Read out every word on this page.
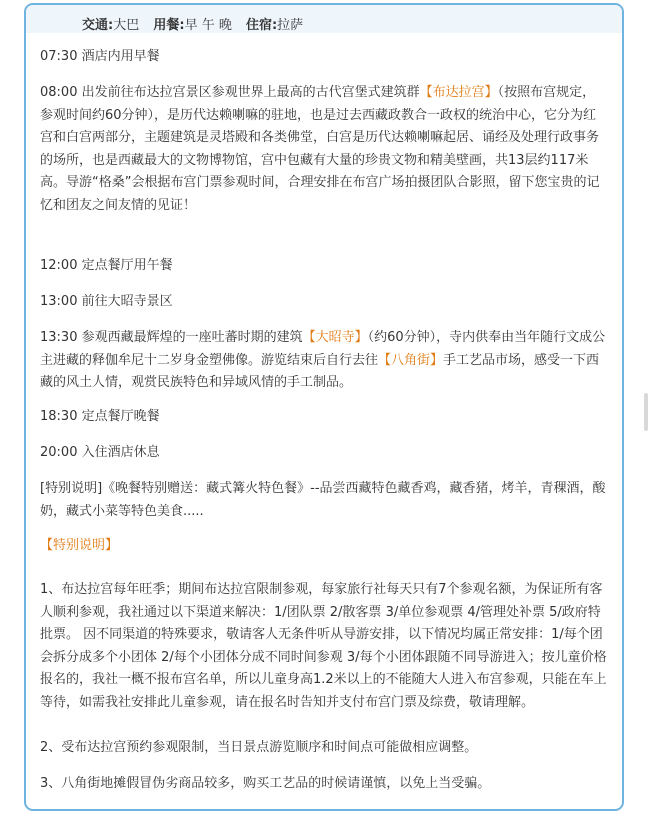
交通:大巴 用餐:早 午 晚 住宿:拉萨

07:30 酒店内用早餐

08:00 出发前往布达拉宫景区参观世界上最高的古代宫堡式建筑群【布达拉宫】（按照布宫规定，参观时间约60分钟），是历代达赖喇嘛的驻地，也是过去西藏政教合一政权的统治中心，它分为红宫和白宫两部分，主题建筑是灵塔殿和各类佛堂，白宫是历代达赖喇嘛起居、诵经及处理行政事务的场所，也是西藏最大的文物博物馆，宫中包藏有大量的珍贵文物和精美壁画，共13层约117米高。导游“格桑”会根据布宫门票参观时间，合理安排在布宫广场拍摄团队合影照，留下您宝贵的记忆和团友之间友情的见证！

12:00 定点餐厅用午餐

13:00 前往大昭寺景区

13:30 参观西藏最辉煌的一座吐蕃时期的建筑【大昭寺】（约60分钟），寺内供奉由当年随行文成公主进藏的释伽牟尼十二岁身金塑佛像。游览结束后自行去往【八角街】手工艺品市场，感受一下西藏的风土人情，观赏民族特色和异域风情的手工制品。

18:30 定点餐厅晚餐

20:00 入住酒店休息

[特别说明]《晚餐特别赠送：藏式篝火特色餐》--品尝西藏特色藏香鸡，藏香猪，烤羊，青稞酒，酸奶，藏式小菜等特色美食.....

【特别说明】

1、布达拉宫每年旺季；期间布达拉宫限制参观，每家旅行社每天只有7个参观名额，为保证所有客人顺利参观，我社通过以下渠道来解决：1/团队票 2/散客票 3/单位参观票 4/管理处补票 5/政府特批票。 因不同渠道的特殊要求，敬请客人无条件听从导游安排，以下情况均属正常安排：1/每个团会拆分成多个小团体 2/每个小团体分成不同时间参观 3/每个小团体跟随不同导游进入；按儿童价格报名的，我社一概不报布宫名单，所以儿童身高1.2米以上的不能随大人进入布宫参观，只能在车上等待，如需我社安排此儿童参观，请在报名时告知并支付布宫门票及综费，敬请理解。

2、受布达拉宫预约参观限制，当日景点游览顺序和时间点可能做相应调整。

3、八角街地摊假冒伪劣商品较多，购买工艺品的时候请谨慎，以免上当受骗。
